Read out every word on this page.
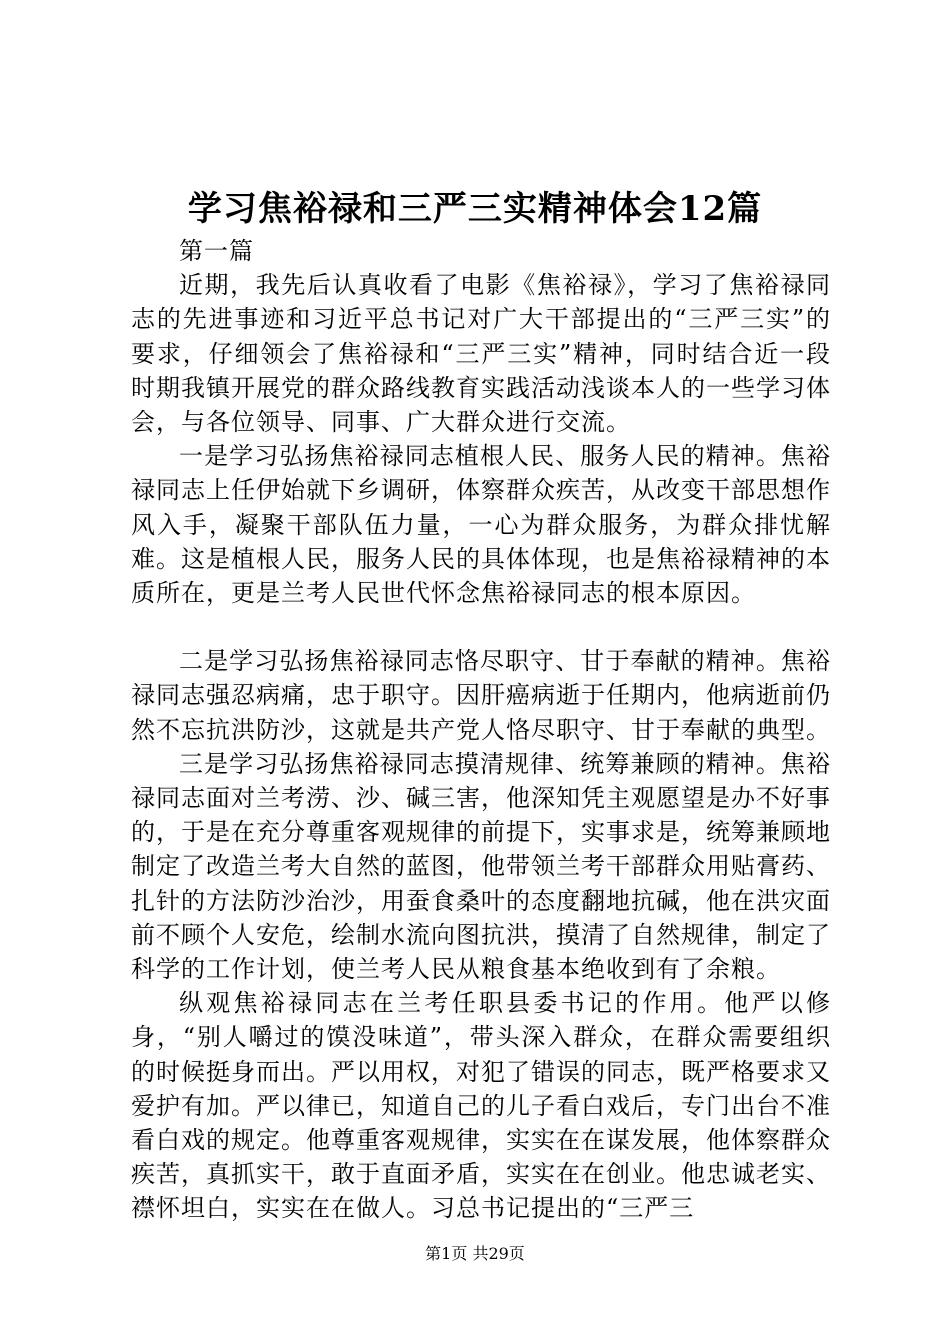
学习焦裕禄和三严三实精神体会12篇

第一篇

近期，我先后认真收看了电影《焦裕禄》，学习了焦裕禄同志的先进事迹和习近平总书记对广大干部提出的“三严三实”的要求，仔细领会了焦裕禄和“三严三实”精神，同时结合近一段时期我镇开展党的群众路线教育实践活动浅谈本人的一些学习体会，与各位领导、同事、广大群众进行交流。

一是学习弘扬焦裕禄同志植根人民、服务人民的精神。焦裕禄同志上任伊始就下乡调研，体察群众疾苦，从改变干部思想作风入手，凝聚干部队伍力量，一心为群众服务，为群众排忧解难。这是植根人民，服务人民的具体体现，也是焦裕禄精神的本质所在，更是兰考人民世代怀念焦裕禄同志的根本原因。

二是学习弘扬焦裕禄同志恪尽职守、甘于奉献的精神。焦裕禄同志强忍病痛，忠于职守。因肝癌病逝于任期内，他病逝前仍然不忘抗洪防沙，这就是共产党人恪尽职守、甘于奉献的典型。

三是学习弘扬焦裕禄同志摸清规律、统筹兼顾的精神。焦裕禄同志面对兰考涝、沙、碱三害，他深知凭主观愿望是办不好事的，于是在充分尊重客观规律的前提下，实事求是，统筹兼顾地制定了改造兰考大自然的蓝图，他带领兰考干部群众用贴膏药、扎针的方法防沙治沙，用蚕食桑叶的态度翻地抗碱，他在洪灾面前不顾个人安危，绘制水流向图抗洪，摸清了自然规律，制定了科学的工作计划，使兰考人民从粮食基本绝收到有了余粮。

纵观焦裕禄同志在兰考任职县委书记的作用。他严以修身，“别人嚼过的馍没味道”，带头深入群众，在群众需要组织的时候挺身而出。严以用权，对犯了错误的同志，既严格要求又爱护有加。严以律已，知道自己的儿子看白戏后，专门出台不准看白戏的规定。他尊重客观规律，实实在在谋发展，他体察群众疾苦，真抓实干，敢于直面矛盾，实实在在创业。他忠诚老实、襟怀坦白，实实在在做人。习总书记提出的“三严三

第1页 共29页
